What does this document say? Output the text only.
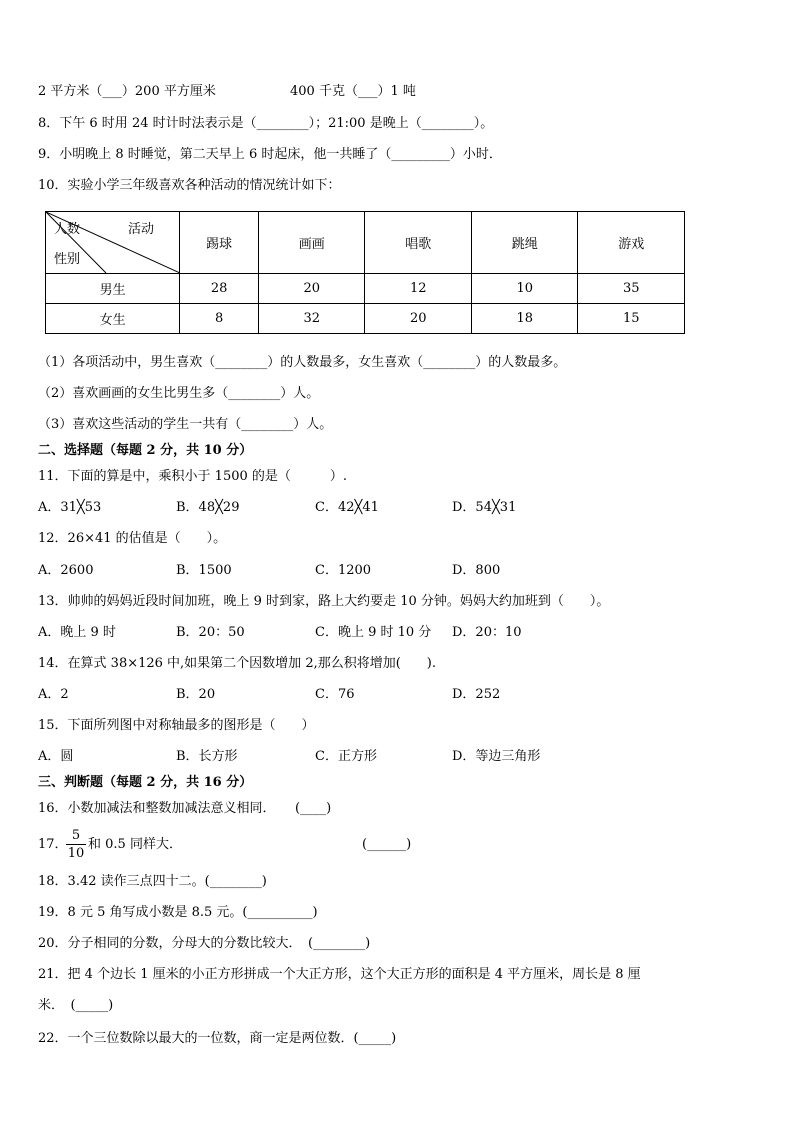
2 平方米（___）200 平方厘米	400 千克（___）1 吨
8．下午 6 时用 24 时计时法表示是（________）；21:00 是晚上（________）。
9．小明晚上 8 时睡觉，第二天早上 6 时起床，他一共睡了（_________）小时．
10．实验小学三年级喜欢各种活动的情况统计如下：
活动
人数
性别	踢球	画画	唱歌	跳绳	游戏
男生	28	20	12	10	35
女生	8	32	20	18	15
（1）各项活动中，男生喜欢（________）的人数最多，女生喜欢（________）的人数最多。
（2）喜欢画画的女生比男生多（________）人。
（3）喜欢这些活动的学生一共有（________）人。
二、选择题（每题 2 分，共 10 分）
11．下面的算是中，乘积小于 1500 的是（　　　）.
A．31╳53	B．48╳29	C．42╳41	D．54╳31
12．26×41 的估值是（　　）。
A．2600	B．1500	C．1200	D．800
13．帅帅的妈妈近段时间加班，晚上 9 时到家，路上大约要走 10 分钟。妈妈大约加班到（　　）。
A．晚上 9 时	B．20：50	C．晚上 9 时 10 分 D．20：10
14．在算式 38×126 中,如果第二个因数增加 2,那么积将增加(　　).
A．2	B．20	C．76	D．252
15．下面所列图中对称轴最多的图形是（　　）
A．圆	B．长方形	C．正方形	D．等边三角形
三、判断题（每题 2 分，共 16 分）
16．小数加减法和整数加减法意义相同．　　(____)
17．
5
10
和 0.5 同样大．	(______)
18．3.42 读作三点四十二。(________)
19．8 元 5 角写成小数是 8.5 元。(__________)
20．分子相同的分数，分母大的分数比较大．　(________)
21．把 4 个边长 1 厘米的小正方形拼成一个大正方形，这个大正方形的面积是 4 平方厘米，周长是 8 厘
米．　(_____)
22．一个三位数除以最大的一位数，商一定是两位数．(_____)
